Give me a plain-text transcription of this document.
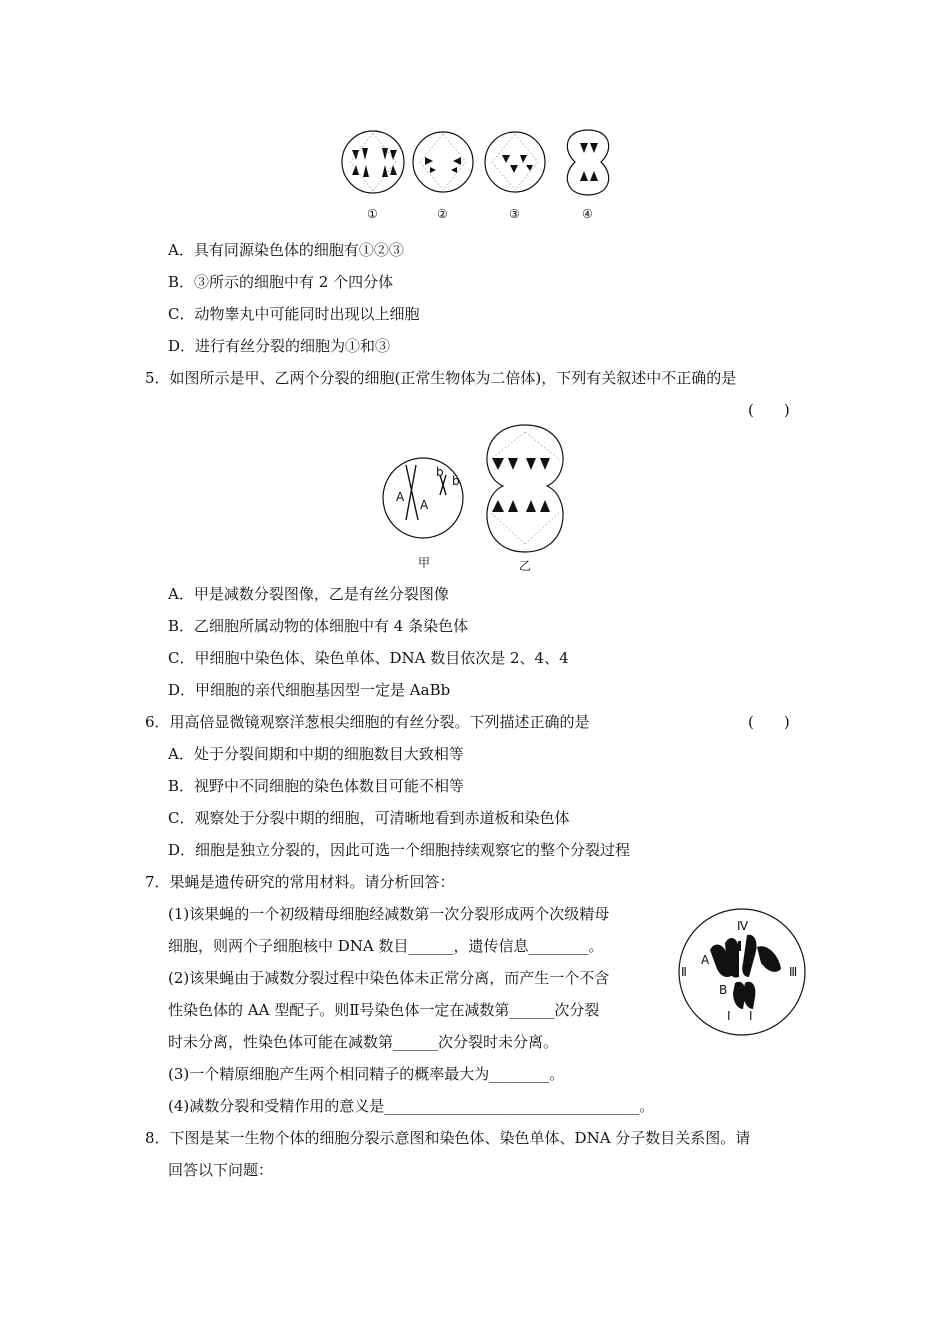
①	②	③	④
A．具有同源染色体的细胞有①②③
B．③所示的细胞中有 2 个四分体
C．动物睾丸中可能同时出现以上细胞
D．进行有丝分裂的细胞为①和③
5．如图所示是甲、乙两个分裂的细胞(正常生物体为二倍体)，下列有关叙述中不正确的是
(　　)
A
A
b
b
甲	乙
A．甲是减数分裂图像，乙是有丝分裂图像
B．乙细胞所属动物的体细胞中有 4 条染色体
C．甲细胞中染色体、染色单体、DNA 数目依次是 2、4、4
D．甲细胞的亲代细胞基因型一定是 AaBb
6．用高倍显微镜观察洋葱根尖细胞的有丝分裂。下列描述正确的是	(　　)
A．处于分裂间期和中期的细胞数目大致相等
B．视野中不同细胞的染色体数目可能不相等
C．观察处于分裂中期的细胞，可清晰地看到赤道板和染色体
D．细胞是独立分裂的，因此可选一个细胞持续观察它的整个分裂过程
7．果蝇是遗传研究的常用材料。请分析回答：
(1)该果蝇的一个初级精母细胞经减数第一次分裂形成两个次级精母
细胞，则两个子细胞核中 DNA 数目______，遗传信息________。
(2)该果蝇由于减数分裂过程中染色体未正常分离，而产生一个不含
性染色体的 AA 型配子。则Ⅱ号染色体一定在减数第______次分裂
时未分离，性染色体可能在减数第______次分裂时未分离。
(3)一个精原细胞产生两个相同精子的概率最大为________。
(4)减数分裂和受精作用的意义是__________________________________。
Ⅳ
Ⅱ	Ⅲ
Ⅰ Ⅰ
A
a
B
8．下图是某一生物个体的细胞分裂示意图和染色体、染色单体、DNA 分子数目关系图。请
回答以下问题：
